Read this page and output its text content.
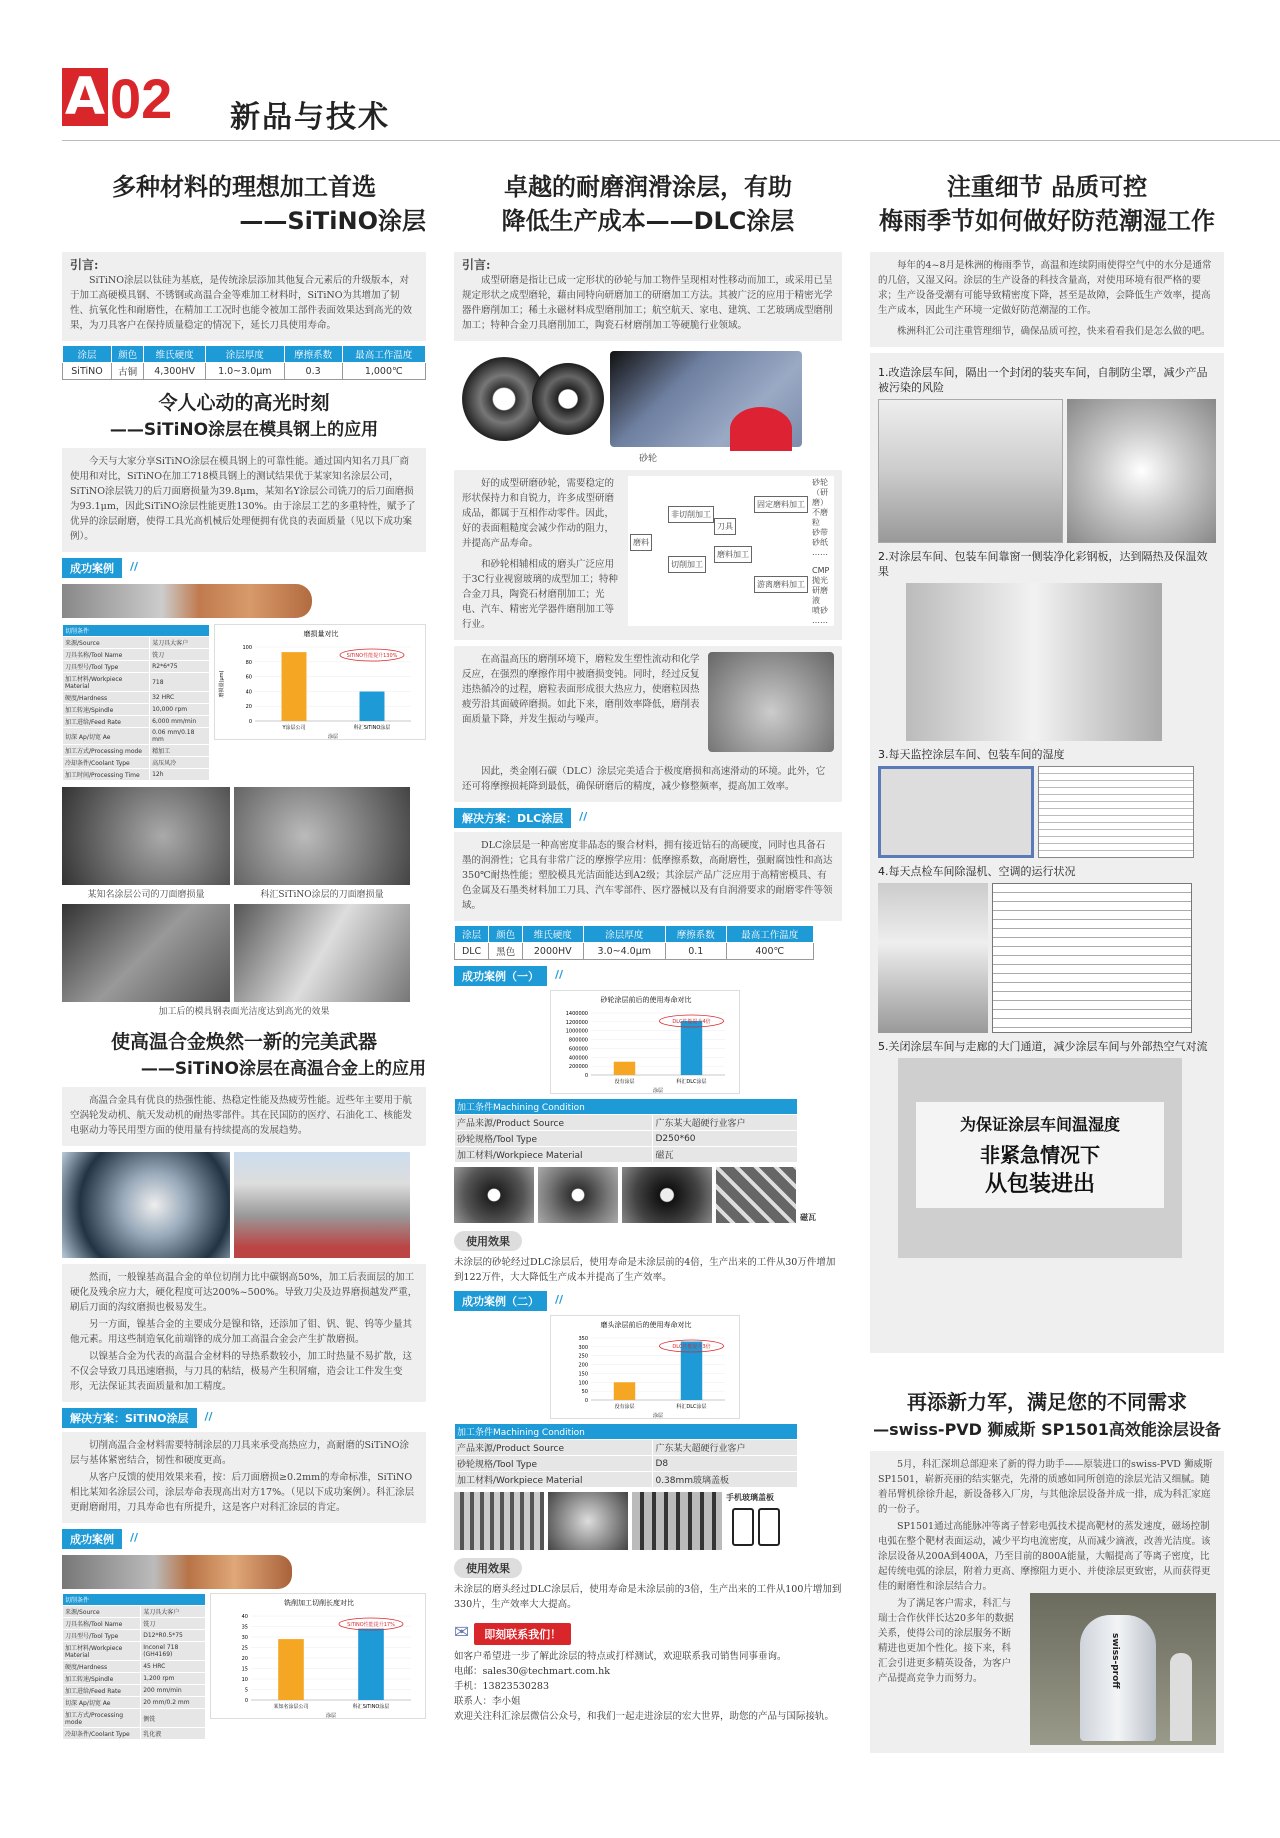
A 02 新品与技术
多种材料的理想加工首选
——SiTiNO涂层
引言:

SiTiNO涂层以钛硅为基底，是传统涂层添加其他复合元素后的升级版本，对于加工高硬模具钢、不锈钢或高温合金等难加工材料时，SiTiNO为其增加了韧性、抗氧化性和耐磨性，在精加工工况时也能令被加工部件表面效果达到高光的效果，为刀具客户在保持质量稳定的情况下，延长刀具使用寿命。

涂层	颜色	维氏硬度	涂层厚度	摩擦系数	最高工作温度
SiTiNO	古铜	4,300HV	1.0~3.0μm	0.3	1,000℃
令人心动的高光时刻
——SiTiNO涂层在模具钢上的应用

今天与大家分享SiTiNO涂层在模具钢上的可靠性能。通过国内知名刀具厂商使用和对比，SiTiNO在加工718模具钢上的测试结果优于某家知名涂层公司，SiTiNO涂层铣刀的后刀面磨损量为39.8μm，某知名Y涂层公司铣刀的后刀面磨损为93.1μm，因此SiTiNO涂层性能更胜130%。由于涂层工艺的多重特性，赋予了优异的涂层耐磨，使得工具光高机械后处理便拥有优良的表面质量（见以下成功案例）。

成功案例 //
切削条件	
来源/Source	某刀具大客户
刀具名称/Tool Name	铣刀
刀具型号/Tool Type	R2*6*75
加工材料/Workpiece Material	718
硬度/Hardness	32 HRC
加工转速/Spindle	10,000 rpm
加工进给/Feed Rate	6,000 mm/min
切深 Ap/切宽 Ae	0.06 mm/0.18 mm
加工方式/Processing mode	精加工
冷却条件/Coolant Type	高压风冷
加工时间/Processing Time	12h
磨损量对比
0
20
40
60
80
100
Y涂层公司	科汇SiTiNO涂层
涂层
磨损量(μm)
SiTiNO性能提升130%
某知名涂层公司的刀面磨损量	科汇SiTiNO涂层的刀面磨损量
加工后的模具钢表面光洁度达到高光的效果
使高温合金焕然一新的完美武器
——SiTiNO涂层在高温合金上的应用

高温合金具有优良的热强性能、热稳定性能及热疲劳性能。近些年主要用于航空涡轮发动机、航天发动机的耐热零部件。其在民国防的医疗、石油化工、核能发电驱动力等民用型方面的使用量有持续提高的发展趋势。

然而，一般镍基高温合金的单位切削力比中碳钢高50%，加工后表面层的加工硬化及残余应力大，硬化程度可达200%~500%。导致刀尖及边界磨损越发严重，刷后刀面的沟纹磨损也极易发生。

另一方面，镍基合金的主要成分是镍和铬，还添加了钼、钒、铌、钨等少量其他元素。用这些制造氧化前端锋的成分加工高温合金会产生扩散磨损。

以镍基合金为代表的高温合金材料的导热系数较小，加工时热量不易扩散，这不仅会导致刀具迅速磨损，与刀具的粘结，极易产生积屑瘤，造会让工件发生变形，无法保证其表面质量和加工精度。

解决方案：SiTiNO涂层 //

切削高温合金材料需要特制涂层的刀具来承受高热应力，高耐磨的SiTiNO涂层与基体紧密结合，韧性和硬度更高。

从客户反馈的使用效果来看，按：后刀面磨损≥0.2mm的寿命标准，SiTiNO相比某知名涂层公司，涂层寿命表现高出对方17%。（见以下成功案例）。科汇涂层更耐磨耐用，刀具寿命也有所提升，这是客户对科汇涂层的肯定。

成功案例 //
切削条件	
来源/Source	某刀具大客户
刀具名称/Tool Name	铣刀
刀具型号/Tool Type	D12*R0.5*75
加工材料/Workpiece Material	Inconel 718 (GH4169)
硬度/Hardness	45 HRC
加工转速/Spindle	1,200 rpm
加工进给/Feed Rate	200 mm/min
切深 Ap/切宽 Ae	20 mm/0.2 mm
加工方式/Processing mode	侧铣
冷却条件/Coolant Type	乳化液
铣削加工切削长度对比
0
5
10
15
20
25
30
35
40
某知名涂层公司	科汇SiTiNO涂层
涂层
SiTiNO性能提升17%
卓越的耐磨润滑涂层，有助
降低生产成本——DLC涂层
引言:

成型研磨是指让已成一定形状的砂轮与加工物件呈现相对性移动而加工，或采用已呈规定形状之成型磨轮，藉由同特向研磨加工的研磨加工方法。其被广泛的应用于精密光学器件磨削加工；稀土永磁材料成型磨削加工；航空航天、家电、建筑、工艺玻璃成型磨削加工；特种合金刀具磨削加工，陶瓷石材磨削加工等硬脆行业领域。

砂轮

好的成型研磨砂轮，需要稳定的形状保持力和自锐力，许多成型研磨成品，都属于互相作动零件。因此，好的表面粗糙度会减少作动的阻力，并提高产品寿命。

和砂轮相辅相成的磨头广泛应用于3C行业视窗玻璃的成型加工；特种合金刀具，陶瓷石材磨削加工；光电、汽车、精密光学器件磨削加工等行业。

磨料
非切削加工
切削加工
刀具
磨料加工
固定磨料加工
游离磨料加工
砂轮（研磨）
不磨粒
砂带
砂纸
……
CMP
抛光
研磨液
喷砂
……

在高温高压的磨削环境下，磨粒发生塑性流动和化学反应，在强烈的摩擦作用中被磨损变钝。同时，经过反复违热循冷的过程，磨粒表面形成很大热应力，使磨粒因热疲劳沿其面破碎磨损。如此下来，磨削效率降低，磨削表面质量下降，并发生振动与噪声。

因此，类金刚石碳（DLC）涂层完美适合于极度磨损和高速滑动的环境。此外，它还可将摩擦损耗降到最低，确保研磨后的精度，减少修整频率，提高加工效率。

解决方案：DLC涂层 //

DLC涂层是一种高密度非晶态的聚合材料，拥有接近钻石的高硬度，同时也具备石墨的润滑性；它具有非常广泛的摩擦学应用：低摩擦系数，高耐磨性，强耐腐蚀性和高达350℃耐热性能；塑胶模具光洁面能达到A2级；其涂层产品广泛应用于高精密模具、有色金属及石墨类材料加工刀具、汽车零部件、医疗器械以及有自润滑要求的耐磨零件等领域。

涂层	颜色	维氏硬度	涂层厚度	摩擦系数	最高工作温度
DLC	黑色	2000HV	3.0~4.0μm	0.1	400℃
成功案例（一） //
砂轮涂层前后的使用寿命对比
0
200000
400000
600000
800000
1000000
1200000
1400000
没有涂层	科汇DLC涂层
涂层
DLC性能提升4倍
加工条件Machining Condition	
产品来源/Product Source	广东某大超硬行业客户
砂轮规格/Tool Type	D250*60
加工材料/Workpiece Material	磁瓦
磁瓦
使用效果
未涂层的砂轮经过DLC涂层后，使用寿命是未涂层前的4倍，生产出来的工件从30万件增加到122万件，大大降低生产成本并提高了生产效率。
成功案例（二） //
磨头涂层前后的使用寿命对比
0
50
100
150
200
250
300
350
没有涂层	科汇DLC涂层
涂层
DLC性能提升3倍
加工条件Machining Condition	
产品来源/Product Source	广东某大超硬行业客户
砂轮规格/Tool Type	D8
加工材料/Workpiece Material	0.38mm玻璃盖板
手机玻璃盖板
使用效果
未涂层的磨头经过DLC涂层后，使用寿命是未涂层前的3倍，生产出来的工件从100片增加到330片，生产效率大大提高。
✉ 即刻联系我们！
如客户希望进一步了解此涂层的特点或打样测试，欢迎联系我司销售同事垂询。
电邮：sales30@techmart.com.hk
手机：13823530283
联系人：李小姐
欢迎关注科汇涂层微信公众号，和我们一起走进涂层的宏大世界，助您的产品与国际接轨。
注重细节 品质可控
梅雨季节如何做好防范潮湿工作

每年的4~8月是株洲的梅雨季节，高温和连续阴雨使得空气中的水分是通常的几倍，又湿又闷。涂层的生产设备的科技含量高，对使用环境有很严格的要求；生产设备受潮有可能导致精密度下降，甚至是故障，会降低生产效率，提高生产成本，因此生产环境一定做好防范潮湿的工作。

株洲科汇公司注重管理细节，确保品质可控，快来看看我们是怎么做的吧。

1.改造涂层车间，隔出一个封闭的装夹车间，自制防尘罩，减少产品被污染的风险
2.对涂层车间、包装车间靠窗一侧装净化彩钢板，达到隔热及保温效果
3.每天监控涂层车间、包装车间的湿度
4.每天点检车间除湿机、空调的运行状况
5.关闭涂层车间与走廊的大门通道，减少涂层车间与外部热空气对流
为保证涂层车间温湿度
非紧急情况下
从包装进出
再添新力军，满足您的不同需求
—swiss-PVD 狮威斯 SP1501高效能涂层设备

5月，科汇深圳总部迎来了新的得力助手——原装进口的swiss-PVD 狮威斯 SP1501，崭新亮丽的结实躯壳，先滑的质感如同所创造的涂层光洁又细腻。随着吊臂机徐徐升起，新设备移入厂房，与其他涂层设备并成一排，成为科汇家庭的一份子。

SP1501通过高能脉冲等离子替彩电弧技术提高靶材的蒸发速度，磁场控制电弧在整个靶材表面运动，减少平均电流密度，从而减少滴液，改善光洁度。该涂层设备从200A到400A，乃至目前的800A能量，大幅提高了等离子密度，比起传统电弧的涂层，附着力更高、摩擦阻力更小、并使涂层更致密，从而获得更佳的耐磨性和涂层结合力。

为了满足客户需求，科汇与瑞士合作伙伴长达20多年的数据关系，使得公司的涂层服务不断精进也更加个性化。接下来，科汇会引进更多精英设备，为客户产品提高竞争力而努力。	swiss-proff
